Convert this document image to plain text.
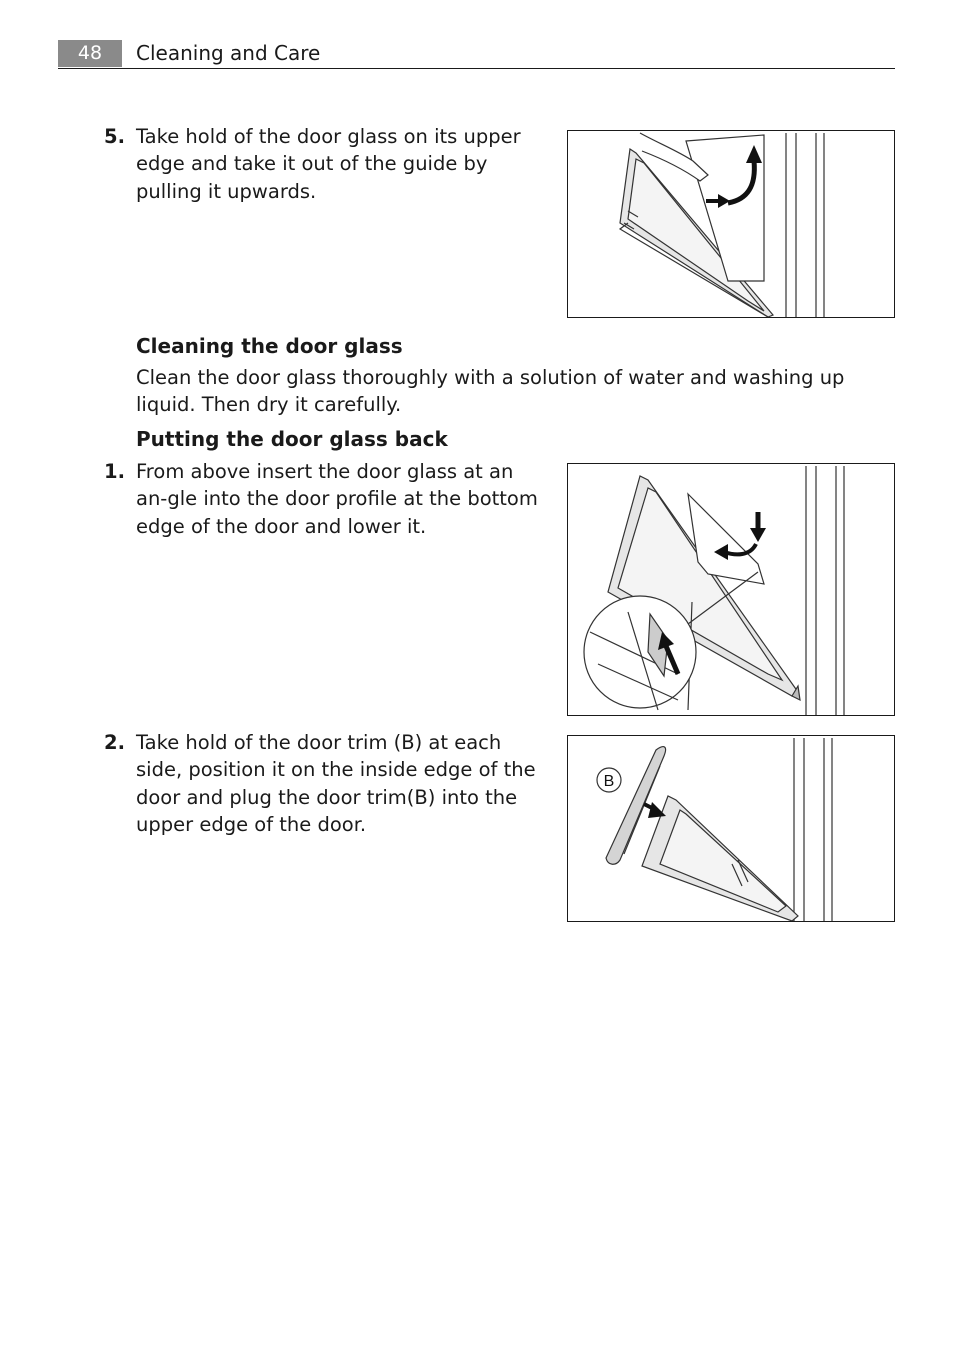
48	Cleaning and Care
5. Take hold of the door glass on its upper edge and take it out of the guide by pulling it upwards.
Cleaning the door glass
Clean the door glass thoroughly with a solution of water and washing up liquid. Then dry it carefully.
Putting the door glass back
1. From above insert the door glass at an an-gle into the door profile at the bottom edge of the door and lower it.
2. Take hold of the door trim (B) at each side, position it on the inside edge of the door and plug the door trim(B) into the upper edge of the door.
B
